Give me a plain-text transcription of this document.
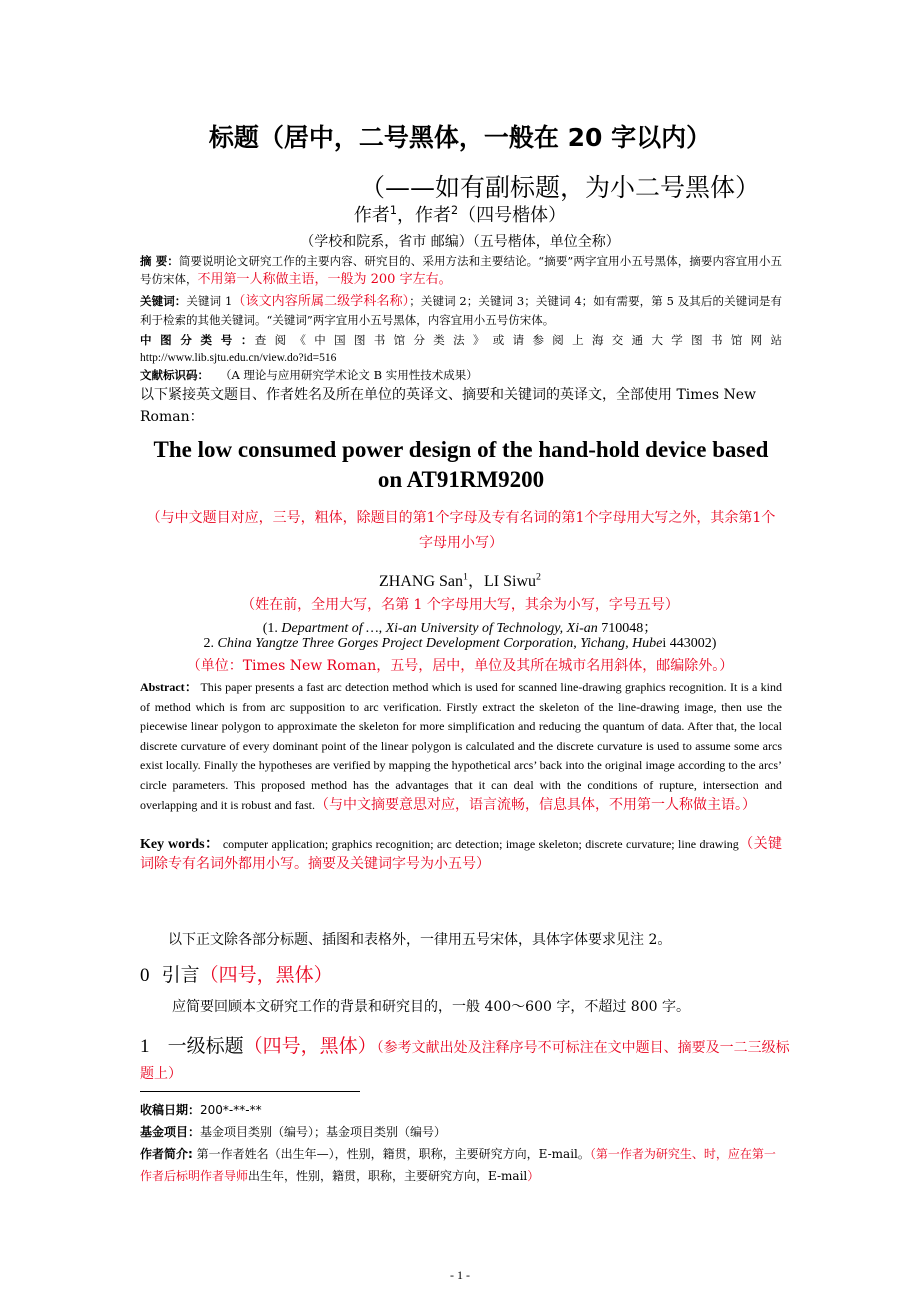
标题（居中，二号黑体，一般在 20 字以内）
（——如有副标题，为小二号黑体）
作者$^1$，作者$^2$（四号楷体）
（学校和院系，省市 邮编）（五号楷体，单位全称）
摘 要：简要说明论文研究工作的主要内容、研究目的、采用方法和主要结论。“摘要”两字宜用小五号黑体，摘要内容宜用小五号仿宋体，不用第一人称做主语，一般为 200 字左右。
关键词：关键词 1（该文内容所属二级学科名称）；关键词 2；关键词 3；关键词 4；如有需要，第 5 及其后的关键词是有利于检索的其他关键词。“关键词”两字宜用小五号黑体，内容宜用小五号仿宋体。
中 图 分 类 号 ：查 阅 《 中 国 图 书 馆 分 类 法 》 或 请 参 阅 上 海 交 通 大 学 图 书 馆 网 站
http://www.lib.sjtu.edu.cn/view.do?id=516
文献标识码： （A 理论与应用研究学术论文 B 实用性技术成果）
以下紧接英文题目、作者姓名及所在单位的英译文、摘要和关键词的英译文，全部使用 Times New Roman：
The low consumed power design of the hand-hold device based on AT91RM9200
（与中文题目对应，三号，粗体，除题目的第1个字母及专有名词的第1个字母用大写之外，其余第1个字母用小写）
ZHANG San$^1$，LI Siwu$^2$
（姓在前，全用大写，名第 1 个字母用大写，其余为小写，字号五号）
(1. Department of …, Xi-an University of Technology, Xi-an 710048；
2. China Yangtze Three Gorges Project Development Corporation, Yichang, Hubei 443002)
（单位：Times New Roman，五号，居中，单位及其所在城市名用斜体，邮编除外。）
Abstract： This paper presents a fast arc detection method which is used for scanned line-drawing graphics recognition. It is a kind of method which is from arc supposition to arc verification. Firstly extract the skeleton of the line-drawing image, then use the piecewise linear polygon to approximate the skeleton for more simplification and reducing the quantum of data. After that, the local discrete curvature of every dominant point of the linear polygon is calculated and the discrete curvature is used to assume some arcs exist locally. Finally the hypotheses are verified by mapping the hypothetical arcs’ back into the original image according to the arcs’ circle parameters. This proposed method has the advantages that it can deal with the conditions of rupture, intersection and overlapping and it is robust and fast.（与中文摘要意思对应，语言流畅，信息具体，不用第一人称做主语。）
Key words： computer application; graphics recognition; arc detection; image skeleton; discrete curvature; line drawing（关键词除专有名词外都用小写。摘要及关键词字号为小五号）
以下正文除各部分标题、插图和表格外，一律用五号宋体，具体字体要求见注 2。
0 引言（四号，黑体）
应简要回顾本文研究工作的背景和研究目的，一般 400～600 字，不超过 800 字。
1 一级标题（四号，黑体）（参考文献出处及注释序号不可标注在文中题目、摘要及一二三级标题上）
收稿日期：200*-**-**
基金项目：基金项目类别（编号）；基金项目类别（编号）
作者简介: 第一作者姓名（出生年—），性别，籍贯，职称，主要研究方向，E-mail。（第一作者为研究生、时，应在第一作者后标明作者导师出生年，性别，籍贯，职称，主要研究方向，E-mail）
- 1 -
